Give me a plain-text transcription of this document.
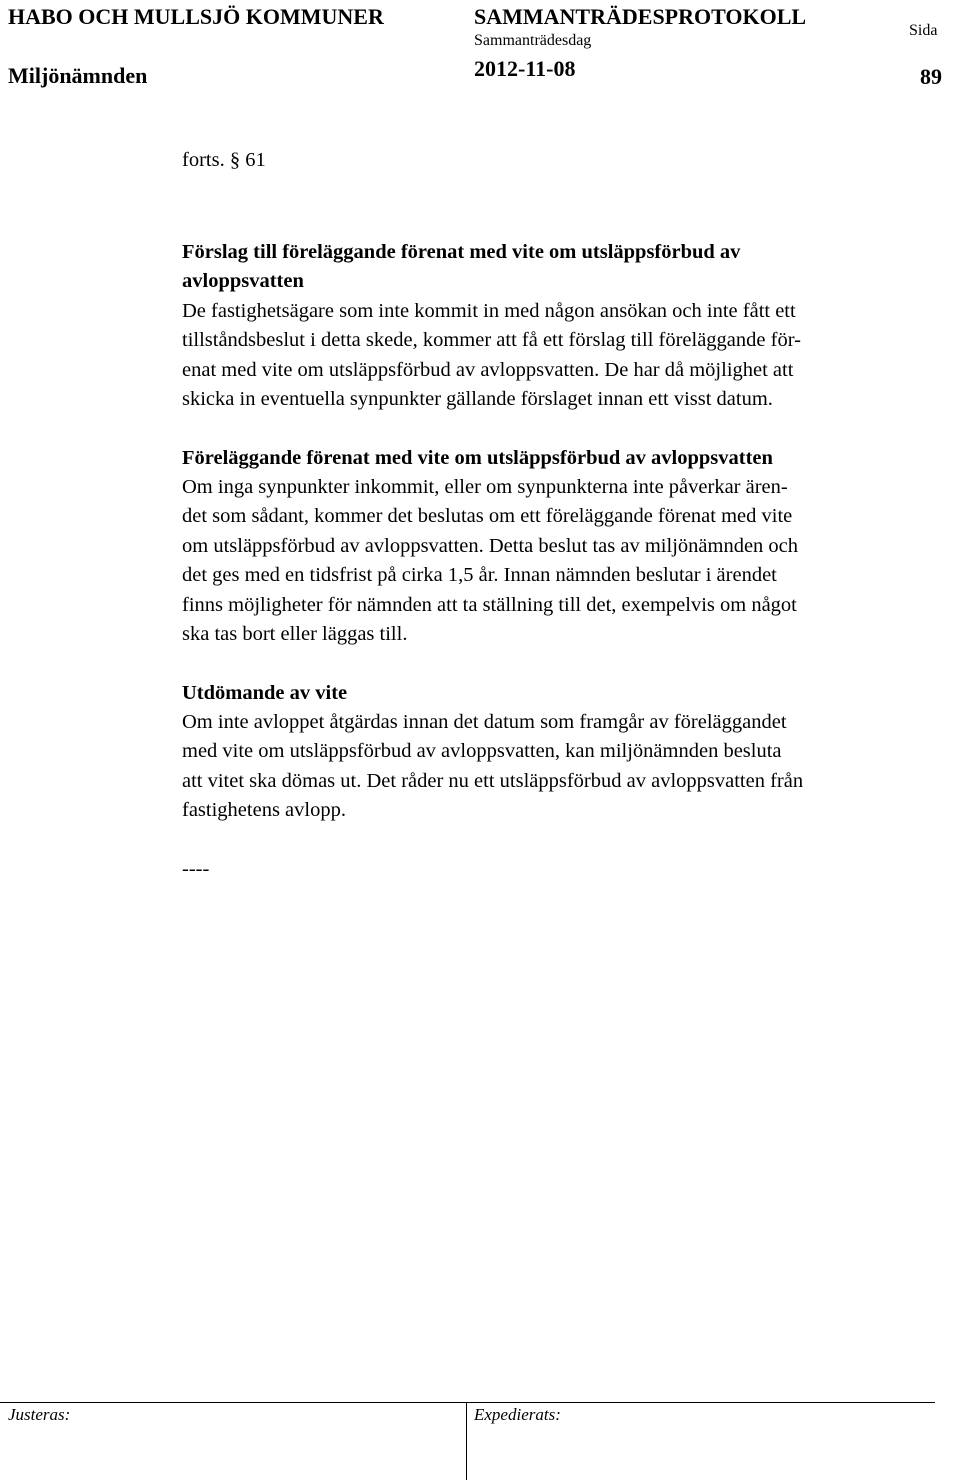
HABO OCH MULLSJÖ KOMMUNER	SAMMANTRÄDESPROTOKOLL
Sammanträdesdag
Sida
Miljönämnden	2012-11-08	89
forts. § 61
Förslag till föreläggande förenat med vite om utsläppsförbud av
avloppsvatten
De fastighetsägare som inte kommit in med någon ansökan och inte fått ett
tillståndsbeslut i detta skede, kommer att få ett förslag till föreläggande för-
enat med vite om utsläppsförbud av avloppsvatten. De har då möjlighet att
skicka in eventuella synpunkter gällande förslaget innan ett visst datum.
Föreläggande förenat med vite om utsläppsförbud av avloppsvatten
Om inga synpunkter inkommit, eller om synpunkterna inte påverkar ären-
det som sådant, kommer det beslutas om ett föreläggande förenat med vite
om utsläppsförbud av avloppsvatten. Detta beslut tas av miljönämnden och
det ges med en tidsfrist på cirka 1,5 år. Innan nämnden beslutar i ärendet
finns möjligheter för nämnden att ta ställning till det, exempelvis om något
ska tas bort eller läggas till.
Utdömande av vite
Om inte avloppet åtgärdas innan det datum som framgår av föreläggandet
med vite om utsläppsförbud av avloppsvatten, kan miljönämnden besluta
att vitet ska dömas ut. Det råder nu ett utsläppsförbud av avloppsvatten från
fastighetens avlopp.
----
Justeras:	Expedierats:
